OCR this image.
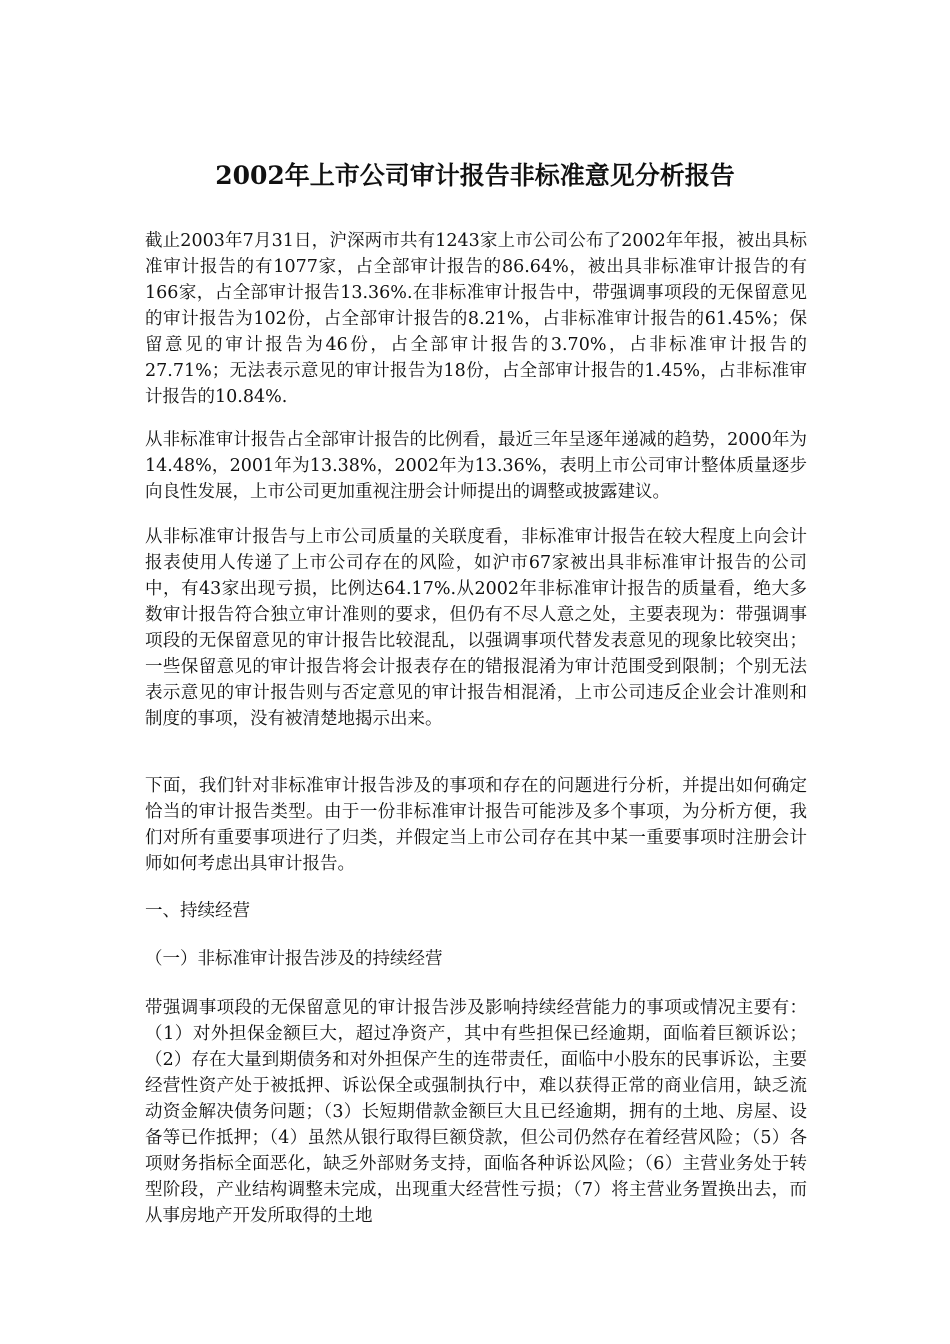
2002年上市公司审计报告非标准意见分析报告

截止2003年7月31日，沪深两市共有1243家上市公司公布了2002年年报，被出具标准审计报告的有1077家，占全部审计报告的86.64%，被出具非标准审计报告的有166家，占全部审计报告13.36%.在非标准审计报告中，带强调事项段的无保留意见的审计报告为102份，占全部审计报告的8.21%，占非标准审计报告的61.45%；保留意见的审计报告为46份，占全部审计报告的3.70%，占非标准审计报告的27.71%；无法表示意见的审计报告为18份，占全部审计报告的1.45%，占非标准审计报告的10.84%.

从非标准审计报告占全部审计报告的比例看，最近三年呈逐年递减的趋势，2000年为14.48%，2001年为13.38%，2002年为13.36%，表明上市公司审计整体质量逐步向良性发展，上市公司更加重视注册会计师提出的调整或披露建议。

从非标准审计报告与上市公司质量的关联度看，非标准审计报告在较大程度上向会计报表使用人传递了上市公司存在的风险，如沪市67家被出具非标准审计报告的公司中，有43家出现亏损，比例达64.17%.从2002年非标准审计报告的质量看，绝大多数审计报告符合独立审计准则的要求，但仍有不尽人意之处，主要表现为：带强调事项段的无保留意见的审计报告比较混乱，以强调事项代替发表意见的现象比较突出；一些保留意见的审计报告将会计报表存在的错报混淆为审计范围受到限制；个别无法表示意见的审计报告则与否定意见的审计报告相混淆，上市公司违反企业会计准则和制度的事项，没有被清楚地揭示出来。

下面，我们针对非标准审计报告涉及的事项和存在的问题进行分析，并提出如何确定恰当的审计报告类型。由于一份非标准审计报告可能涉及多个事项，为分析方便，我们对所有重要事项进行了归类，并假定当上市公司存在其中某一重要事项时注册会计师如何考虑出具审计报告。

一、持续经营

（一）非标准审计报告涉及的持续经营

带强调事项段的无保留意见的审计报告涉及影响持续经营能力的事项或情况主要有：（1）对外担保金额巨大，超过净资产，其中有些担保已经逾期，面临着巨额诉讼；（2）存在大量到期债务和对外担保产生的连带责任，面临中小股东的民事诉讼，主要经营性资产处于被抵押、诉讼保全或强制执行中，难以获得正常的商业信用，缺乏流动资金解决债务问题；（3）长短期借款金额巨大且已经逾期，拥有的土地、房屋、设备等已作抵押；（4）虽然从银行取得巨额贷款，但公司仍然存在着经营风险；（5）各项财务指标全面恶化，缺乏外部财务支持，面临各种诉讼风险；（6）主营业务处于转型阶段，产业结构调整未完成，出现重大经营性亏损；（7）将主营业务置换出去，而从事房地产开发所取得的土地
